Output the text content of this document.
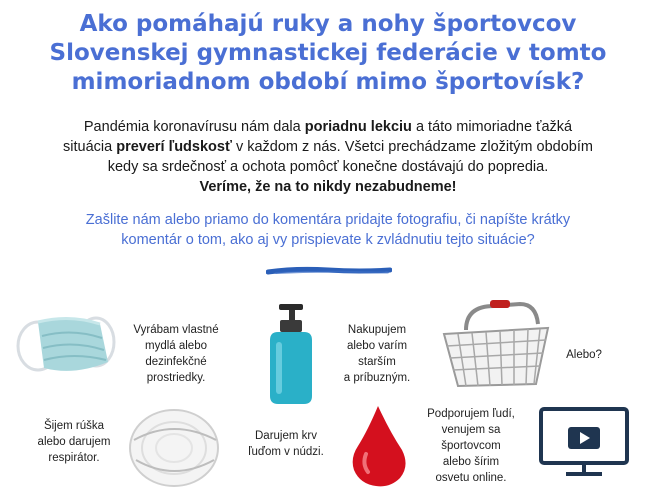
Ako pomáhajú ruky a nohy športovcov
Slovenskej gymnastickej federácie v tomto
mimoriadnom období mimo športovísk?

Pandémia koronavírusu nám dala poriadnu lekciu a táto mimoriadne ťažká
situácia preverí ľudskosť v každom z nás. Všetci prechádzame zložitým obdobím
kedy sa srdečnosť a ochota pomôcť konečne dostávajú do popredia.
Veríme, že na to nikdy nezabudneme!

Zašlite nám alebo priamo do komentára pridajte fotografiu, či napíšte krátky
komentár o tom, ako aj vy prispievate k zvládnutiu tejto situácie?

Vyrábam vlastné
mydlá alebo
dezinfekčné
prostriedky.
Nakupujem
alebo varím
starším
a príbuzným.
Alebo?
Šijem rúška
alebo darujem
respirátor.
Darujem krv
ľuďom v núdzi.
Podporujem ľudí,
venujem sa
športovcom
alebo šírim
osvetu online.
